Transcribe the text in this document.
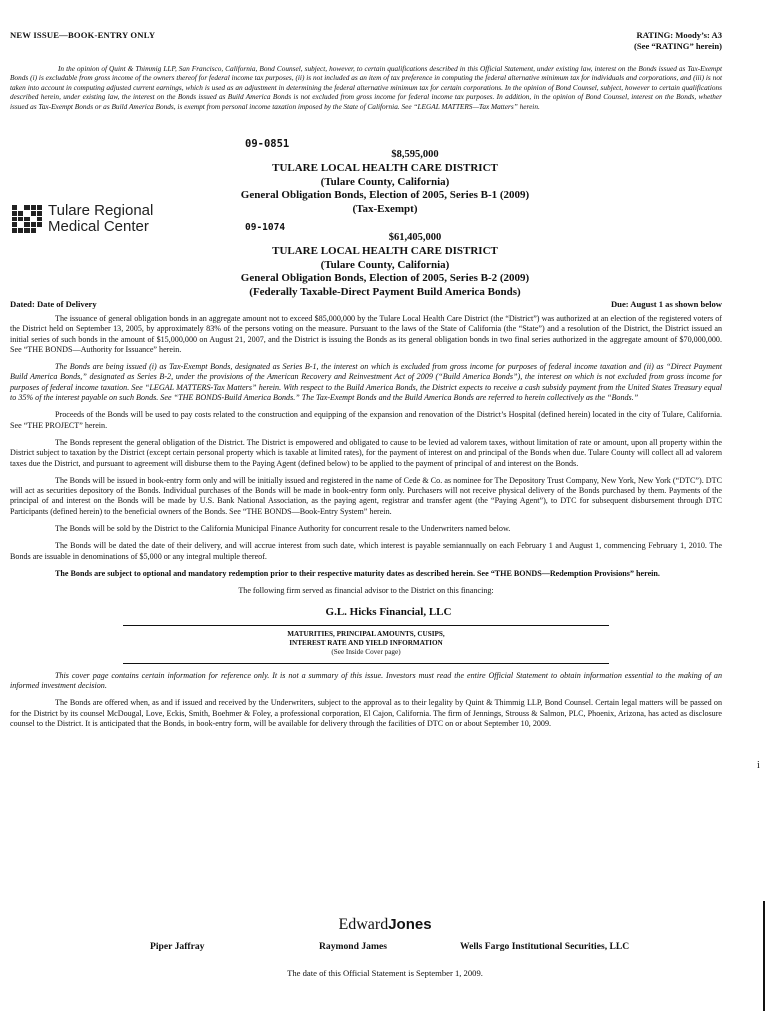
NEW ISSUE—BOOK-ENTRY ONLY	RATING: Moody’s: A3
(See “RATING” herein)
In the opinion of Quint & Thimmig LLP, San Francisco, California, Bond Counsel, subject, however, to certain qualifications described in this Official Statement, under existing law, interest on the Bonds issued as Tax-Exempt Bonds (i) is excludable from gross income of the owners thereof for federal income tax purposes, (ii) is not included as an item of tax preference in computing the federal alternative minimum tax for individuals and corporations, and (iii) is not taken into account in computing adjusted current earnings, which is used as an adjustment in determining the federal alternative minimum tax for certain corporations. In the opinion of Bond Counsel, subject, however to certain qualifications described herein, under existing law, the interest on the Bonds issued as Build America Bonds is not excluded from gross income for federal income tax purposes. In addition, in the opinion of Bond Counsel, interest on the Bonds, whether issued as Tax-Exempt Bonds or as Build America Bonds, is exempt from personal income taxation imposed by the State of California. See “LEGAL MATTERS—Tax Matters” herein.
09-0851
09-1074
Tulare Regional
Medical Center
$8,595,000
TULARE LOCAL HEALTH CARE DISTRICT
(Tulare County, California)
General Obligation Bonds, Election of 2005, Series B-1 (2009)
(Tax-Exempt)
$61,405,000
TULARE LOCAL HEALTH CARE DISTRICT
(Tulare County, California)
General Obligation Bonds, Election of 2005, Series B-2 (2009)
(Federally Taxable-Direct Payment Build America Bonds)
Dated: Date of Delivery	Due: August 1 as shown below

The issuance of general obligation bonds in an aggregate amount not to exceed $85,000,000 by the Tulare Local Health Care District (the “District”) was authorized at an election of the registered voters of the District held on September 13, 2005, by approximately 83% of the persons voting on the measure. Pursuant to the laws of the State of California (the “State”) and a resolution of the District, the District issued an initial series of such bonds in the amount of $15,000,000 on August 21, 2007, and the District is issuing the Bonds as its general obligation bonds in two final series authorized in the aggregate amount of $70,000,000. See “THE BONDS—Authority for Issuance” herein.

The Bonds are being issued (i) as Tax-Exempt Bonds, designated as Series B-1, the interest on which is excluded from gross income for purposes of federal income taxation and (ii) as “Direct Payment Build America Bonds,” designated as Series B-2, under the provisions of the American Recovery and Reinvestment Act of 2009 (“Build America Bonds”), the interest on which is not excluded from gross income for purposes of federal income taxation. See “LEGAL MATTERS-Tax Matters” herein. With respect to the Build America Bonds, the District expects to receive a cash subsidy payment from the United States Treasury equal to 35% of the interest payable on such Bonds. See “THE BONDS-Build America Bonds.” The Tax-Exempt Bonds and the Build America Bonds are referred to herein collectively as the “Bonds.”

Proceeds of the Bonds will be used to pay costs related to the construction and equipping of the expansion and renovation of the District’s Hospital (defined herein) located in the city of Tulare, California. See “THE PROJECT” herein.

The Bonds represent the general obligation of the District. The District is empowered and obligated to cause to be levied ad valorem taxes, without limitation of rate or amount, upon all property within the District subject to taxation by the District (except certain personal property which is taxable at limited rates), for the payment of interest on and principal of the Bonds when due. Tulare County will collect all ad valorem taxes due the District, and pursuant to agreement will disburse them to the Paying Agent (defined below) to be applied to the payment of principal of and interest on the Bonds.

The Bonds will be issued in book-entry form only and will be initially issued and registered in the name of Cede & Co. as nominee for The Depository Trust Company, New York, New York (“DTC”). DTC will act as securities depository of the Bonds. Individual purchases of the Bonds will be made in book-entry form only. Purchasers will not receive physical delivery of the Bonds purchased by them. Payments of the principal of and interest on the Bonds will be made by U.S. Bank National Association, as the paying agent, registrar and transfer agent (the “Paying Agent”), to DTC for subsequent disbursement through DTC Participants (defined herein) to the beneficial owners of the Bonds. See “THE BONDS—Book-Entry System” herein.

The Bonds will be sold by the District to the California Municipal Finance Authority for concurrent resale to the Underwriters named below.

The Bonds will be dated the date of their delivery, and will accrue interest from such date, which interest is payable semiannually on each February 1 and August 1, commencing February 1, 2010. The Bonds are issuable in denominations of $5,000 or any integral multiple thereof.

The Bonds are subject to optional and mandatory redemption prior to their respective maturity dates as described herein. See “THE BONDS—Redemption Provisions” herein.

The following firm served as financial advisor to the District on this financing:

G.L. Hicks Financial, LLC

MATURITIES, PRINCIPAL AMOUNTS, CUSIPS,
INTEREST RATE AND YIELD INFORMATION
(See Inside Cover page)

This cover page contains certain information for reference only. It is not a summary of this issue. Investors must read the entire Official Statement to obtain information essential to the making of an informed investment decision.

The Bonds are offered when, as and if issued and received by the Underwriters, subject to the approval as to their legality by Quint & Thimmig LLP, Bond Counsel. Certain legal matters will be passed on for the District by its counsel McDougal, Love, Eckis, Smith, Boehmer & Foley, a professional corporation, El Cajon, California. The firm of Jennings, Strouss & Salmon, PLC, Phoenix, Arizona, has acted as disclosure counsel to the District. It is anticipated that the Bonds, in book-entry form, will be available for delivery through the facilities of DTC on or about September 10, 2009.

EdwardJones
Piper Jaffray	Raymond James	Wells Fargo Institutional Securities, LLC
The date of this Official Statement is September 1, 2009.
i
